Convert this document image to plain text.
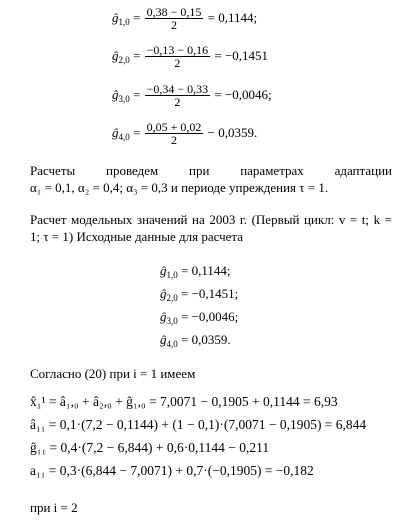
$ĝ_{1,0} = \frac{0,38 - 0,15}{2} = 0,1144$;
$ĝ_{2,0} = \frac{-0,13 - 0,16}{2} = -0,1451$
$ĝ_{3,0} = \frac{-0,34 - 0,33}{2} = -0,0046$;
$ĝ_{4,0} = \frac{0,05 + 0,02}{2} - 0,0359$.
Расчеты проведем при параметрах адаптации
α₁ = 0,1, α₂ = 0,4; α₃ = 0,3 и периоде упреждения τ = 1.
Расчет модельных значений на 2003 г. (Первый цикл: v = t; k =
1; τ = 1) Исходные данные для расчета
$ĝ_{1,0} = 0,1144$;
$ĝ_{2,0} = -0,1451$;
$ĝ_{3,0} = -0,0046$;
$ĝ_{4,0} = 0,0359$.
Согласно (20) при i = 1 имеем
x̂₁¹ = â₁,₀ + â₂,₀ + ĝ₁,₀ = 7,0071 − 0,1905 + 0,1144 = 6,93
â₁₁ = 0,1·(7,2 − 0,1144) + (1 − 0,1)·(7,0071 − 0,1905) = 6,844
ĝ₁₁ = 0,4·(7,2 − 6,844) + 0,6·0,1144 − 0,211
a₁₁ = 0,3·(6,844 − 7,0071) + 0,7·(−0,1905) = −0,182
при i = 2
